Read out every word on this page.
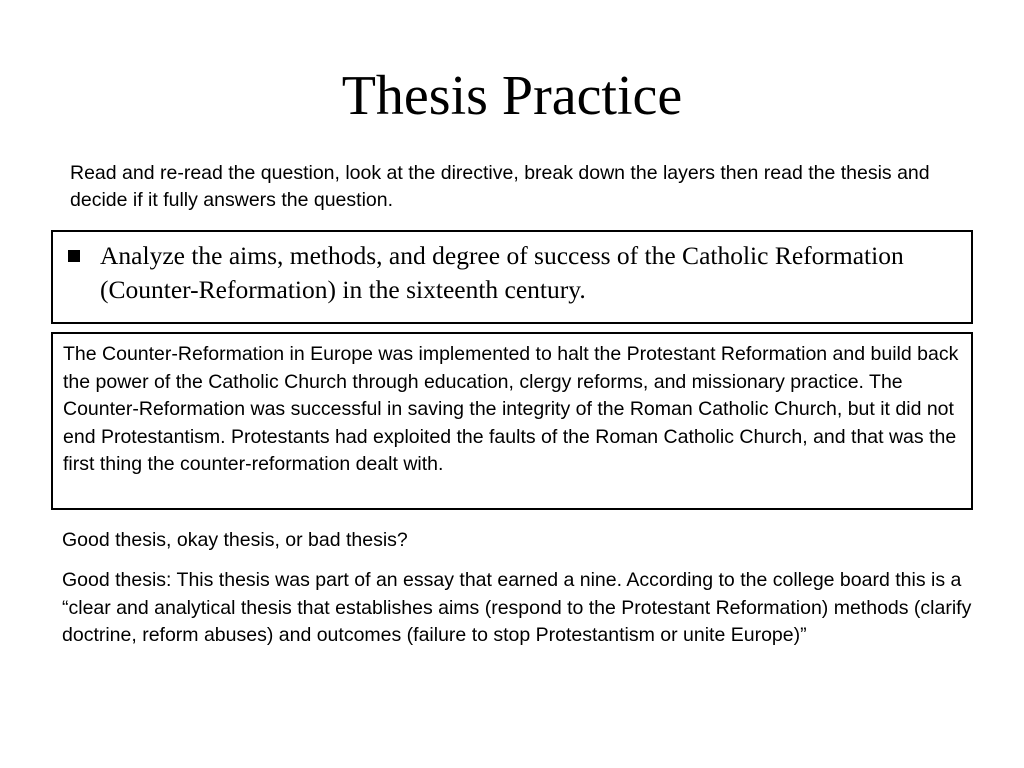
Thesis Practice

Read and re-read the question, look at the directive, break down the layers then read the thesis and decide if it fully answers the question.

Analyze the aims, methods, and degree of success of the Catholic Reformation (Counter-Reformation) in the sixteenth century.

The Counter-Reformation in Europe was implemented to halt the Protestant Reformation and build back the power of the Catholic Church through education, clergy reforms, and missionary practice. The Counter-Reformation was successful in saving the integrity of the Roman Catholic Church, but it did not end Protestantism. Protestants had exploited the faults of the Roman Catholic Church, and that was the first thing the counter-reformation dealt with.

Good thesis, okay thesis, or bad thesis?

Good thesis: This thesis was part of an essay that earned a nine. According to the college board this is a “clear and analytical thesis that establishes aims (respond to the Protestant Reformation) methods (clarify doctrine, reform abuses) and outcomes (failure to stop Protestantism or unite Europe)”
